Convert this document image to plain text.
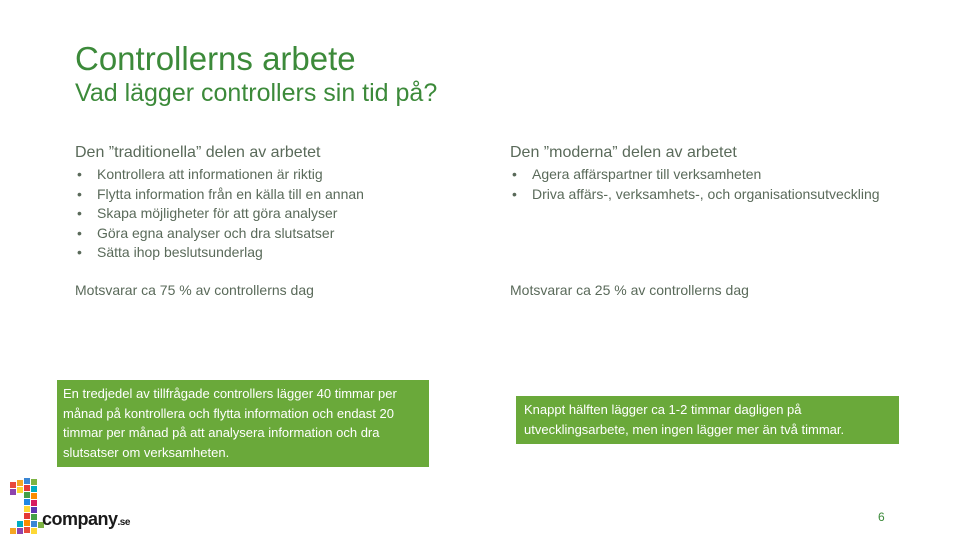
Controllerns arbete
Vad lägger controllers sin tid på?
Den ”traditionella” delen av arbetet
• Kontrollera att informationen är riktig
• Flytta information från en källa till en annan
• Skapa möjligheter för att göra analyser
• Göra egna analyser och dra slutsatser
• Sätta ihop beslutsunderlag
Den ”moderna” delen av arbetet
• Agera affärspartner till verksamheten
• Driva affärs-, verksamhets-, och organisationsutveckling
Motsvarar ca 75 % av controllerns dag	Motsvarar ca 25 % av controllerns dag
En tredjedel av tillfrågade controllers lägger 40 timmar per månad på kontrollera och flytta information och endast 20 timmar per månad på att analysera information och dra slutsatser om verksamheten.
Knappt hälften lägger ca 1-2 timmar dagligen på utvecklingsarbete, men ingen lägger mer än två timmar.
company.se	6
